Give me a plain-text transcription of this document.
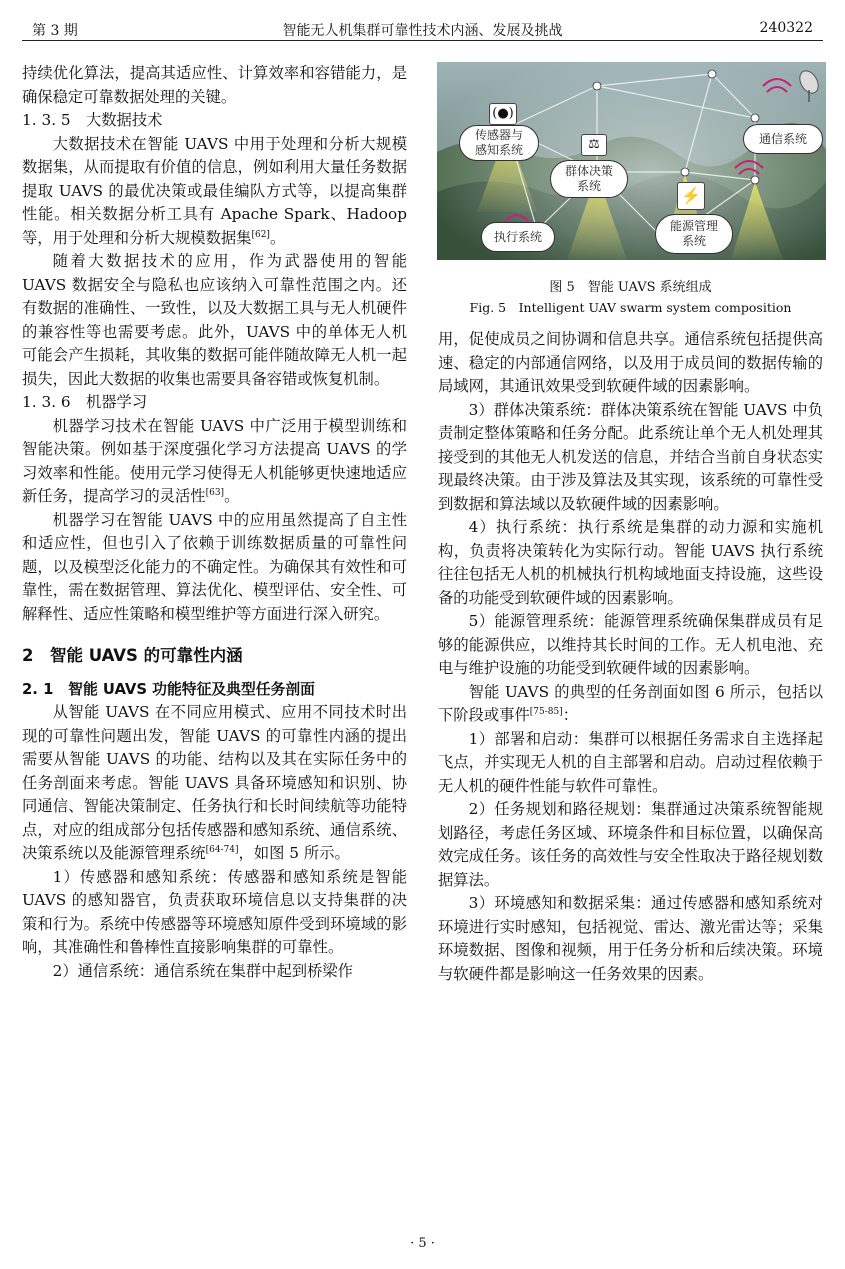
第 3 期	智能无人机集群可靠性技术内涵、发展及挑战	240322

持续优化算法，提高其适应性、计算效率和容错能力，是确保稳定可靠数据处理的关键。

1. 3. 5　大数据技术

大数据技术在智能 UAVS 中用于处理和分析大规模数据集，从而提取有价值的信息，例如利用大量任务数据提取 UAVS 的最优决策或最佳编队方式等，以提高集群性能。相关数据分析工具有 Apache Spark、Hadoop 等，用于处理和分析大规模数据集[62]。

随着大数据技术的应用，作为武器使用的智能 UAVS 数据安全与隐私也应该纳入可靠性范围之内。还有数据的准确性、一致性，以及大数据工具与无人机硬件的兼容性等也需要考虑。此外，UAVS 中的单体无人机可能会产生损耗，其收集的数据可能伴随故障无人机一起损失，因此大数据的收集也需要具备容错或恢复机制。

1. 3. 6　机器学习

机器学习技术在智能 UAVS 中广泛用于模型训练和智能决策。例如基于深度强化学习方法提高 UAVS 的学习效率和性能。使用元学习使得无人机能够更快速地适应新任务，提高学习的灵活性[63]。

机器学习在智能 UAVS 中的应用虽然提高了自主性和适应性，但也引入了依赖于训练数据质量的可靠性问题，以及模型泛化能力的不确定性。为确保其有效性和可靠性，需在数据管理、算法优化、模型评估、安全性、可解释性、适应性策略和模型维护等方面进行深入研究。

2　智能 UAVS 的可靠性内涵
2. 1　智能 UAVS 功能特征及典型任务剖面

从智能 UAVS 在不同应用模式、应用不同技术时出现的可靠性问题出发，智能 UAVS 的可靠性内涵的提出需要从智能 UAVS 的功能、结构以及其在实际任务中的任务剖面来考虑。智能 UAVS 具备环境感知和识别、协同通信、智能决策制定、任务执行和长时间续航等功能特点，对应的组成部分包括传感器和感知系统、通信系统、决策系统以及能源管理系统[64-74]，如图 5 所示。

1）传感器和感知系统：传感器和感知系统是智能 UAVS 的感知器官，负责获取环境信息以支持集群的决策和行为。系统中传感器等环境感知原件受到环境域的影响，其准确性和鲁棒性直接影响集群的可靠性。

2）通信系统：通信系统在集群中起到桥梁作

(●)
传感器与
感知系统	⚖
群体决策
系统
通信系统
执行系统
⚡
能源管理
系统
图 5　智能 UAVS 系统组成
Fig. 5　Intelligent UAV swarm system composition

用，促使成员之间协调和信息共享。通信系统包括提供高速、稳定的内部通信网络，以及用于成员间的数据传输的局域网，其通讯效果受到软硬件域的因素影响。

3）群体决策系统：群体决策系统在智能 UAVS 中负责制定整体策略和任务分配。此系统让单个无人机处理其接受到的其他无人机发送的信息，并结合当前自身状态实现最终决策。由于涉及算法及其实现，该系统的可靠性受到数据和算法域以及软硬件域的因素影响。

4）执行系统：执行系统是集群的动力源和实施机构，负责将决策转化为实际行动。智能 UAVS 执行系统往往包括无人机的机械执行机构域地面支持设施，这些设备的功能受到软硬件域的因素影响。

5）能源管理系统：能源管理系统确保集群成员有足够的能源供应，以维持其长时间的工作。无人机电池、充电与维护设施的功能受到软硬件域的因素影响。

智能 UAVS 的典型的任务剖面如图 6 所示，包括以下阶段或事件[75-85]：

1）部署和启动：集群可以根据任务需求自主选择起飞点，并实现无人机的自主部署和启动。启动过程依赖于无人机的硬件性能与软件可靠性。

2）任务规划和路径规划：集群通过决策系统智能规划路径，考虑任务区域、环境条件和目标位置，以确保高效完成任务。该任务的高效性与安全性取决于路径规划数据算法。

3）环境感知和数据采集：通过传感器和感知系统对环境进行实时感知，包括视觉、雷达、激光雷达等；采集环境数据、图像和视频，用于任务分析和后续决策。环境与软硬件都是影响这一任务效果的因素。

· 5 ·
